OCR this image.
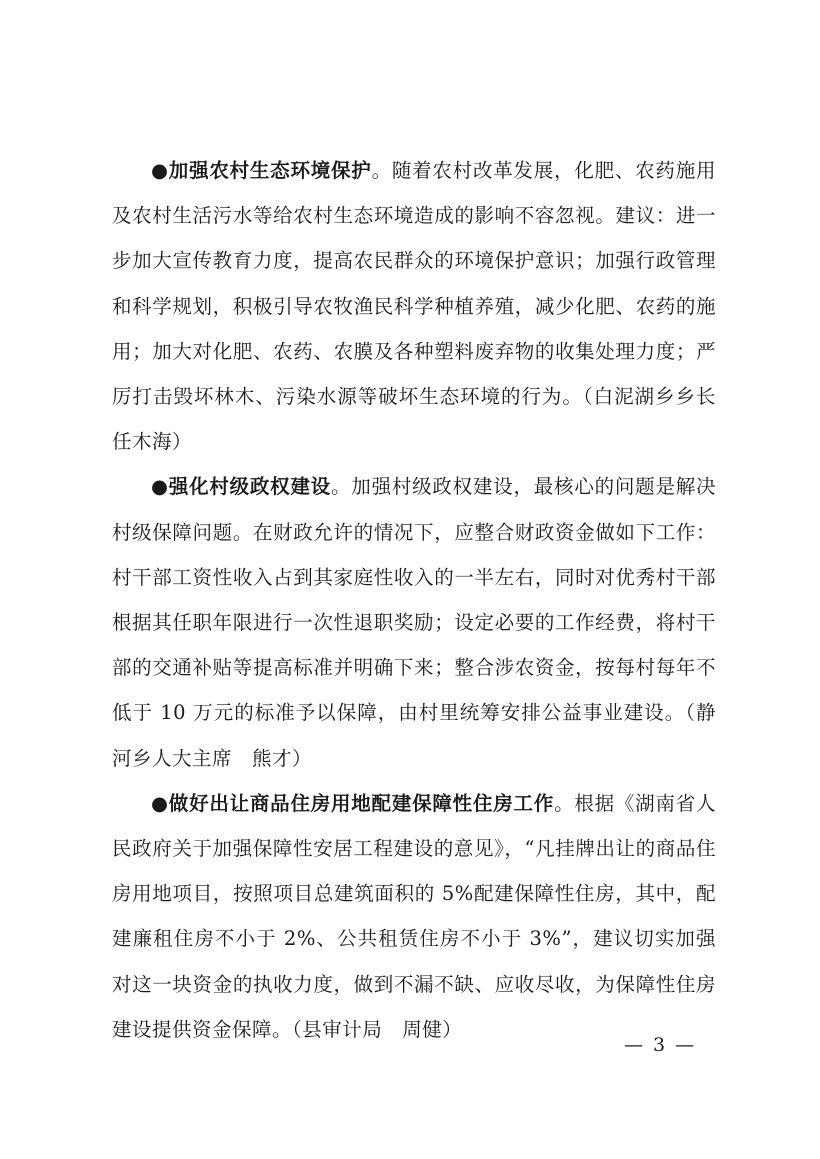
●加强农村生态环境保护。随着农村改革发展，化肥、农药施用及农村生活污水等给农村生态环境造成的影响不容忽视。建议：进一步加大宣传教育力度，提高农民群众的环境保护意识；加强行政管理和科学规划，积极引导农牧渔民科学种植养殖，减少化肥、农药的施用；加大对化肥、农药、农膜及各种塑料废弃物的收集处理力度；严厉打击毁坏林木、污染水源等破坏生态环境的行为。（白泥湖乡乡长　任木海）

●强化村级政权建设。加强村级政权建设，最核心的问题是解决村级保障问题。在财政允许的情况下，应整合财政资金做如下工作：村干部工资性收入占到其家庭性收入的一半左右，同时对优秀村干部根据其任职年限进行一次性退职奖励；设定必要的工作经费，将村干部的交通补贴等提高标准并明确下来；整合涉农资金，按每村每年不低于 10 万元的标准予以保障，由村里统筹安排公益事业建设。（静河乡人大主席　熊才）

●做好出让商品住房用地配建保障性住房工作。根据《湖南省人民政府关于加强保障性安居工程建设的意见》，“凡挂牌出让的商品住房用地项目，按照项目总建筑面积的 5%配建保障性住房，其中，配建廉租住房不小于 2%、公共租赁住房不小于 3%”，建议切实加强对这一块资金的执收力度，做到不漏不缺、应收尽收，为保障性住房建设提供资金保障。（县审计局　周健）

— 3 —
